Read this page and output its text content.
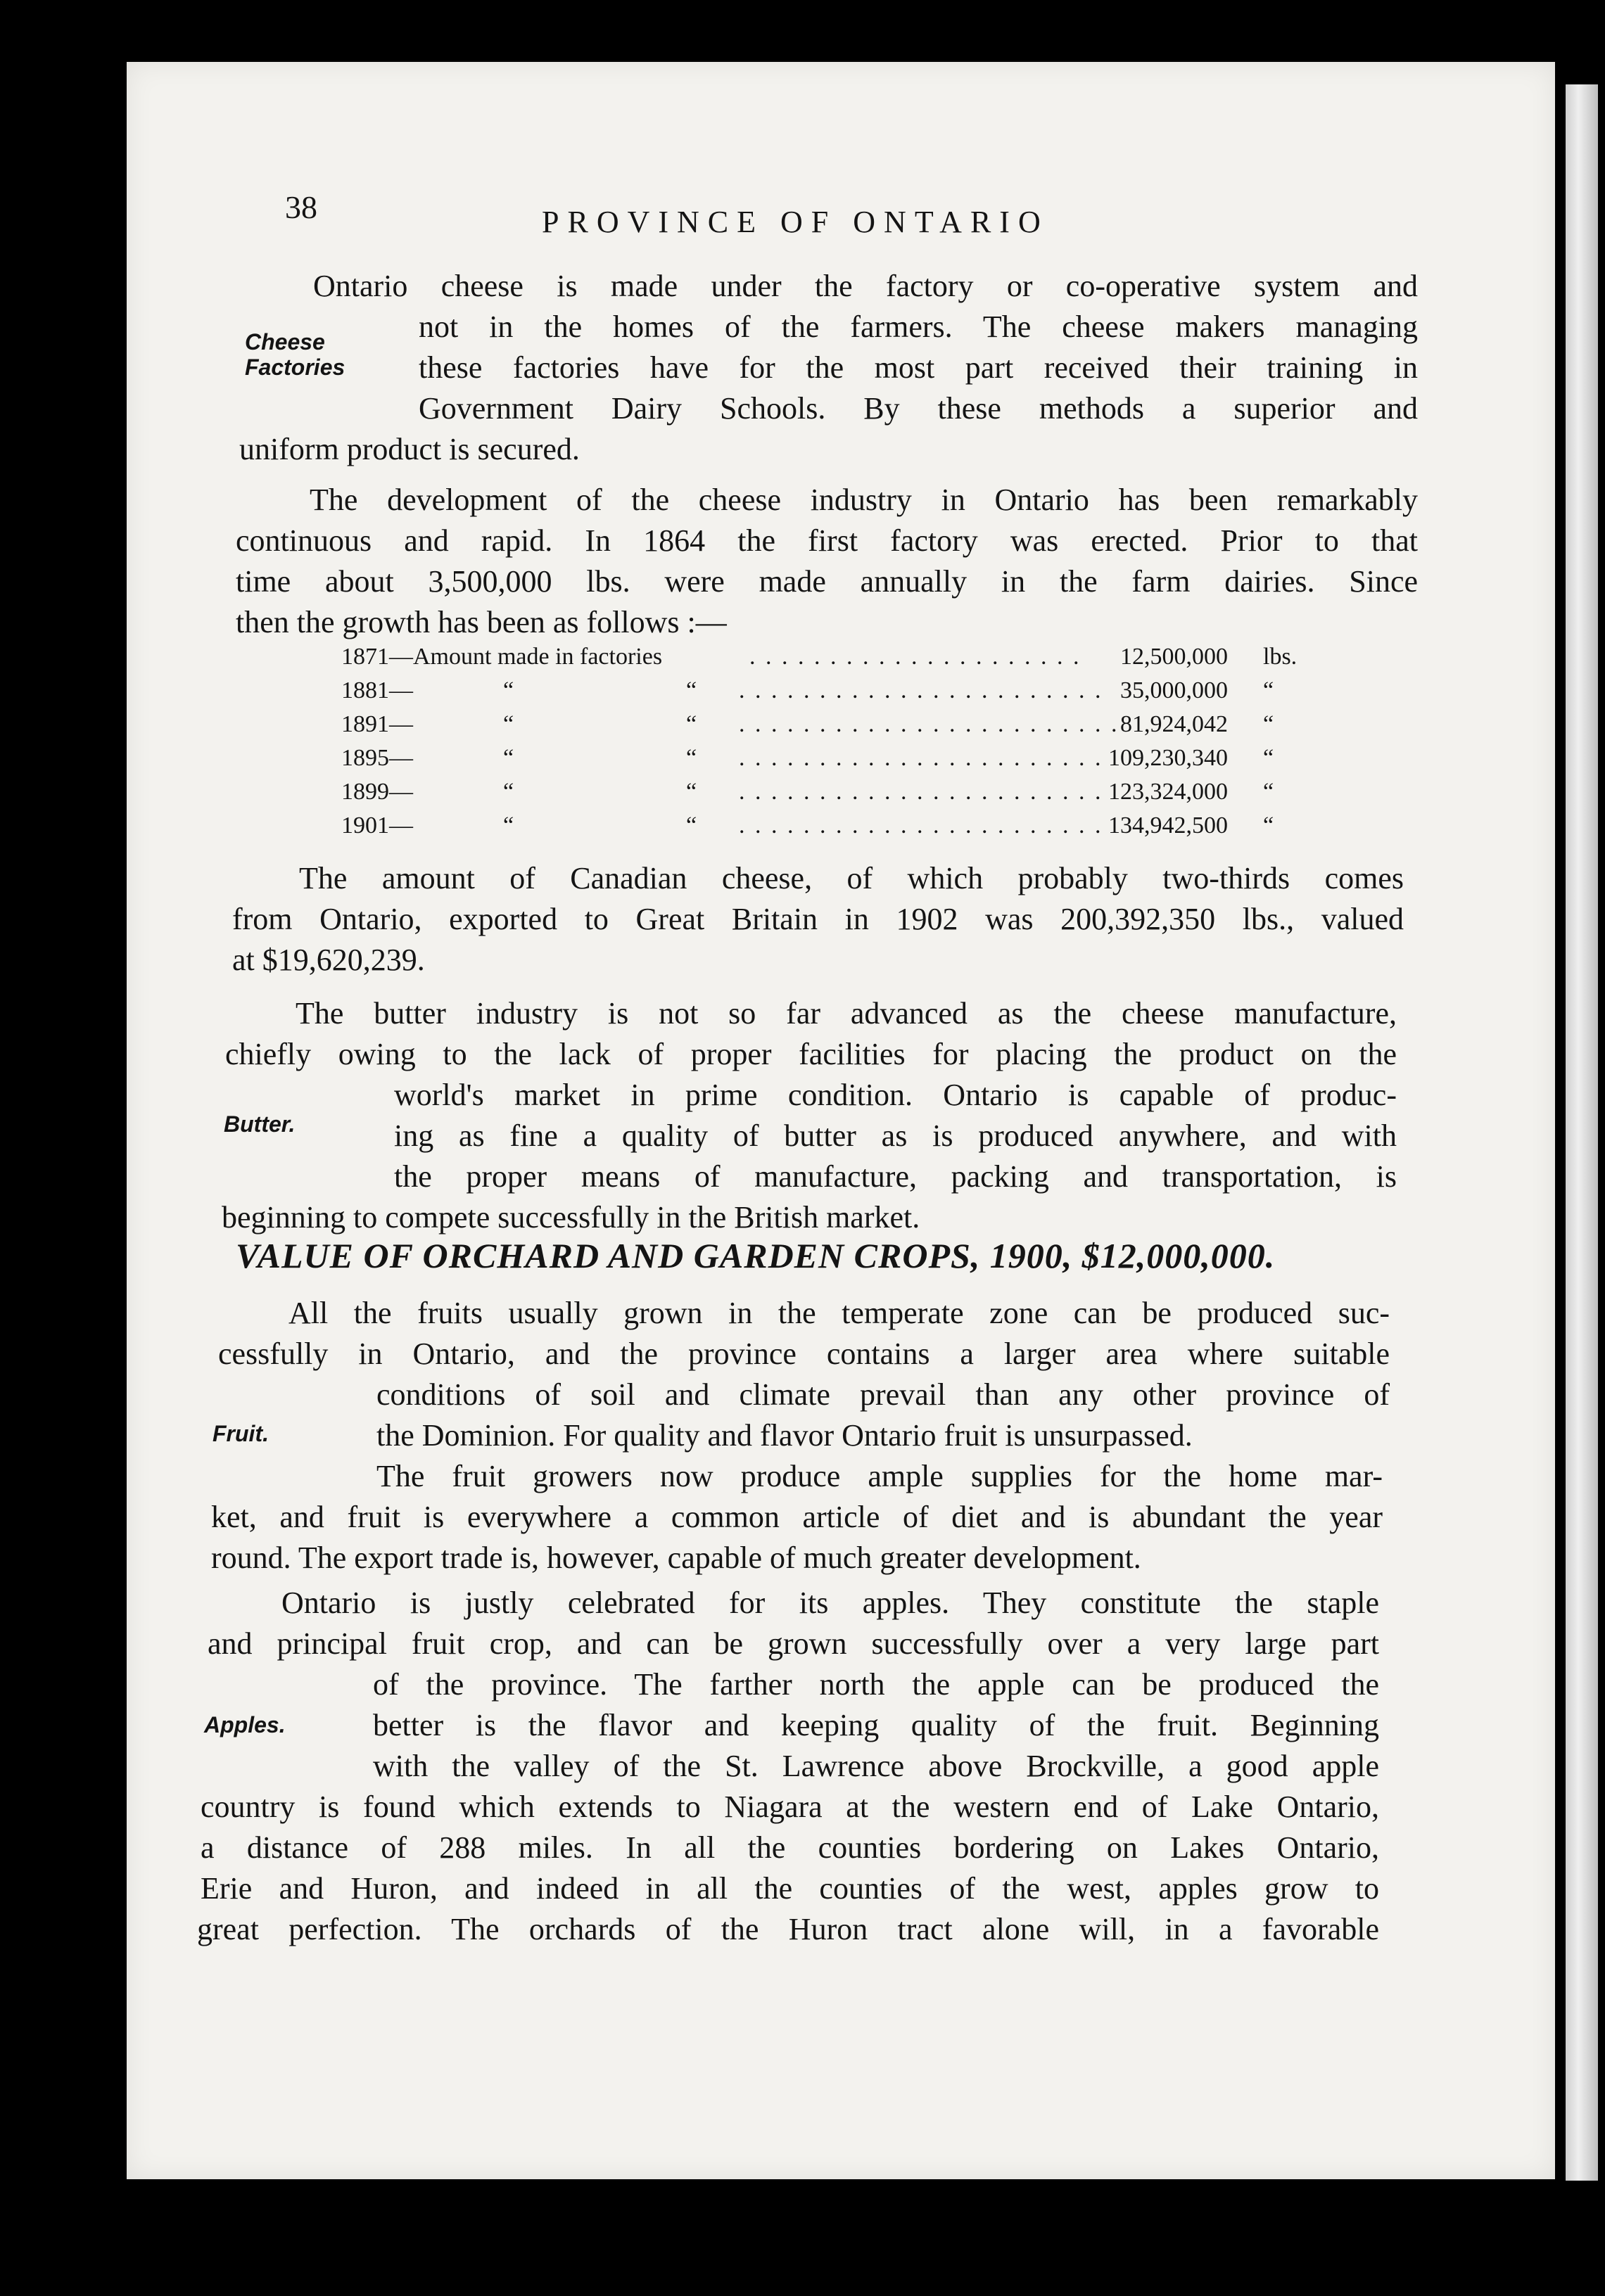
38	PROVINCE OF ONTARIO
Ontario cheese is made under the factory or co-operative system and
not in the homes of the farmers. The cheese makers managing
these factories have for the most part received their training in
Government Dairy Schools. By these methods a superior and
uniform product is secured.
Cheese
Factories
The development of the cheese industry in Ontario has been remarkably
continuous and rapid. In 1864 the first factory was erected. Prior to that
time about 3,500,000 lbs. were made annually in the farm dairies. Since
then the growth has been as follows :—
1871—Amount made in factories	. . . . . . . . . . . . . . . . . . . . . 12,500,000 lbs.
1881—	“	“ . . . . . . . . . . . . . . . . . . . . . . . 35,000,000 “
1891—	“	“ . . . . . . . . . . . . . . . . . . . . . . . . 81,924,042 “
1895—	“	“ . . . . . . . . . . . . . . . . . . . . . . . 109,230,340 “
1899—	“	“ . . . . . . . . . . . . . . . . . . . . . . . 123,324,000 “
1901—	“	“ . . . . . . . . . . . . . . . . . . . . . . . 134,942,500 “
The amount of Canadian cheese, of which probably two-thirds comes
from Ontario, exported to Great Britain in 1902 was 200,392,350 lbs., valued
at $19,620,239.
The butter industry is not so far advanced as the cheese manufacture,
chiefly owing to the lack of proper facilities for placing the product on the
world's market in prime condition. Ontario is capable of produc-
ing as fine a quality of butter as is produced anywhere, and with
the proper means of manufacture, packing and transportation, is
beginning to compete successfully in the British market.
Butter.
VALUE OF ORCHARD AND GARDEN CROPS, 1900, $12,000,000.
All the fruits usually grown in the temperate zone can be produced suc-
cessfully in Ontario, and the province contains a larger area where suitable
conditions of soil and climate prevail than any other province of
the Dominion. For quality and flavor Ontario fruit is unsurpassed.
Fruit.
The fruit growers now produce ample supplies for the home mar-
ket, and fruit is everywhere a common article of diet and is abundant the year
round. The export trade is, however, capable of much greater development.
Ontario is justly celebrated for its apples. They constitute the staple
and principal fruit crop, and can be grown successfully over a very large part
of the province. The farther north the apple can be produced the
better is the flavor and keeping quality of the fruit. Beginning
with the valley of the St. Lawrence above Brockville, a good apple
country is found which extends to Niagara at the western end of Lake Ontario,
a distance of 288 miles. In all the counties bordering on Lakes Ontario,
Erie and Huron, and indeed in all the counties of the west, apples grow to
great perfection. The orchards of the Huron tract alone will, in a favorable
Apples.
